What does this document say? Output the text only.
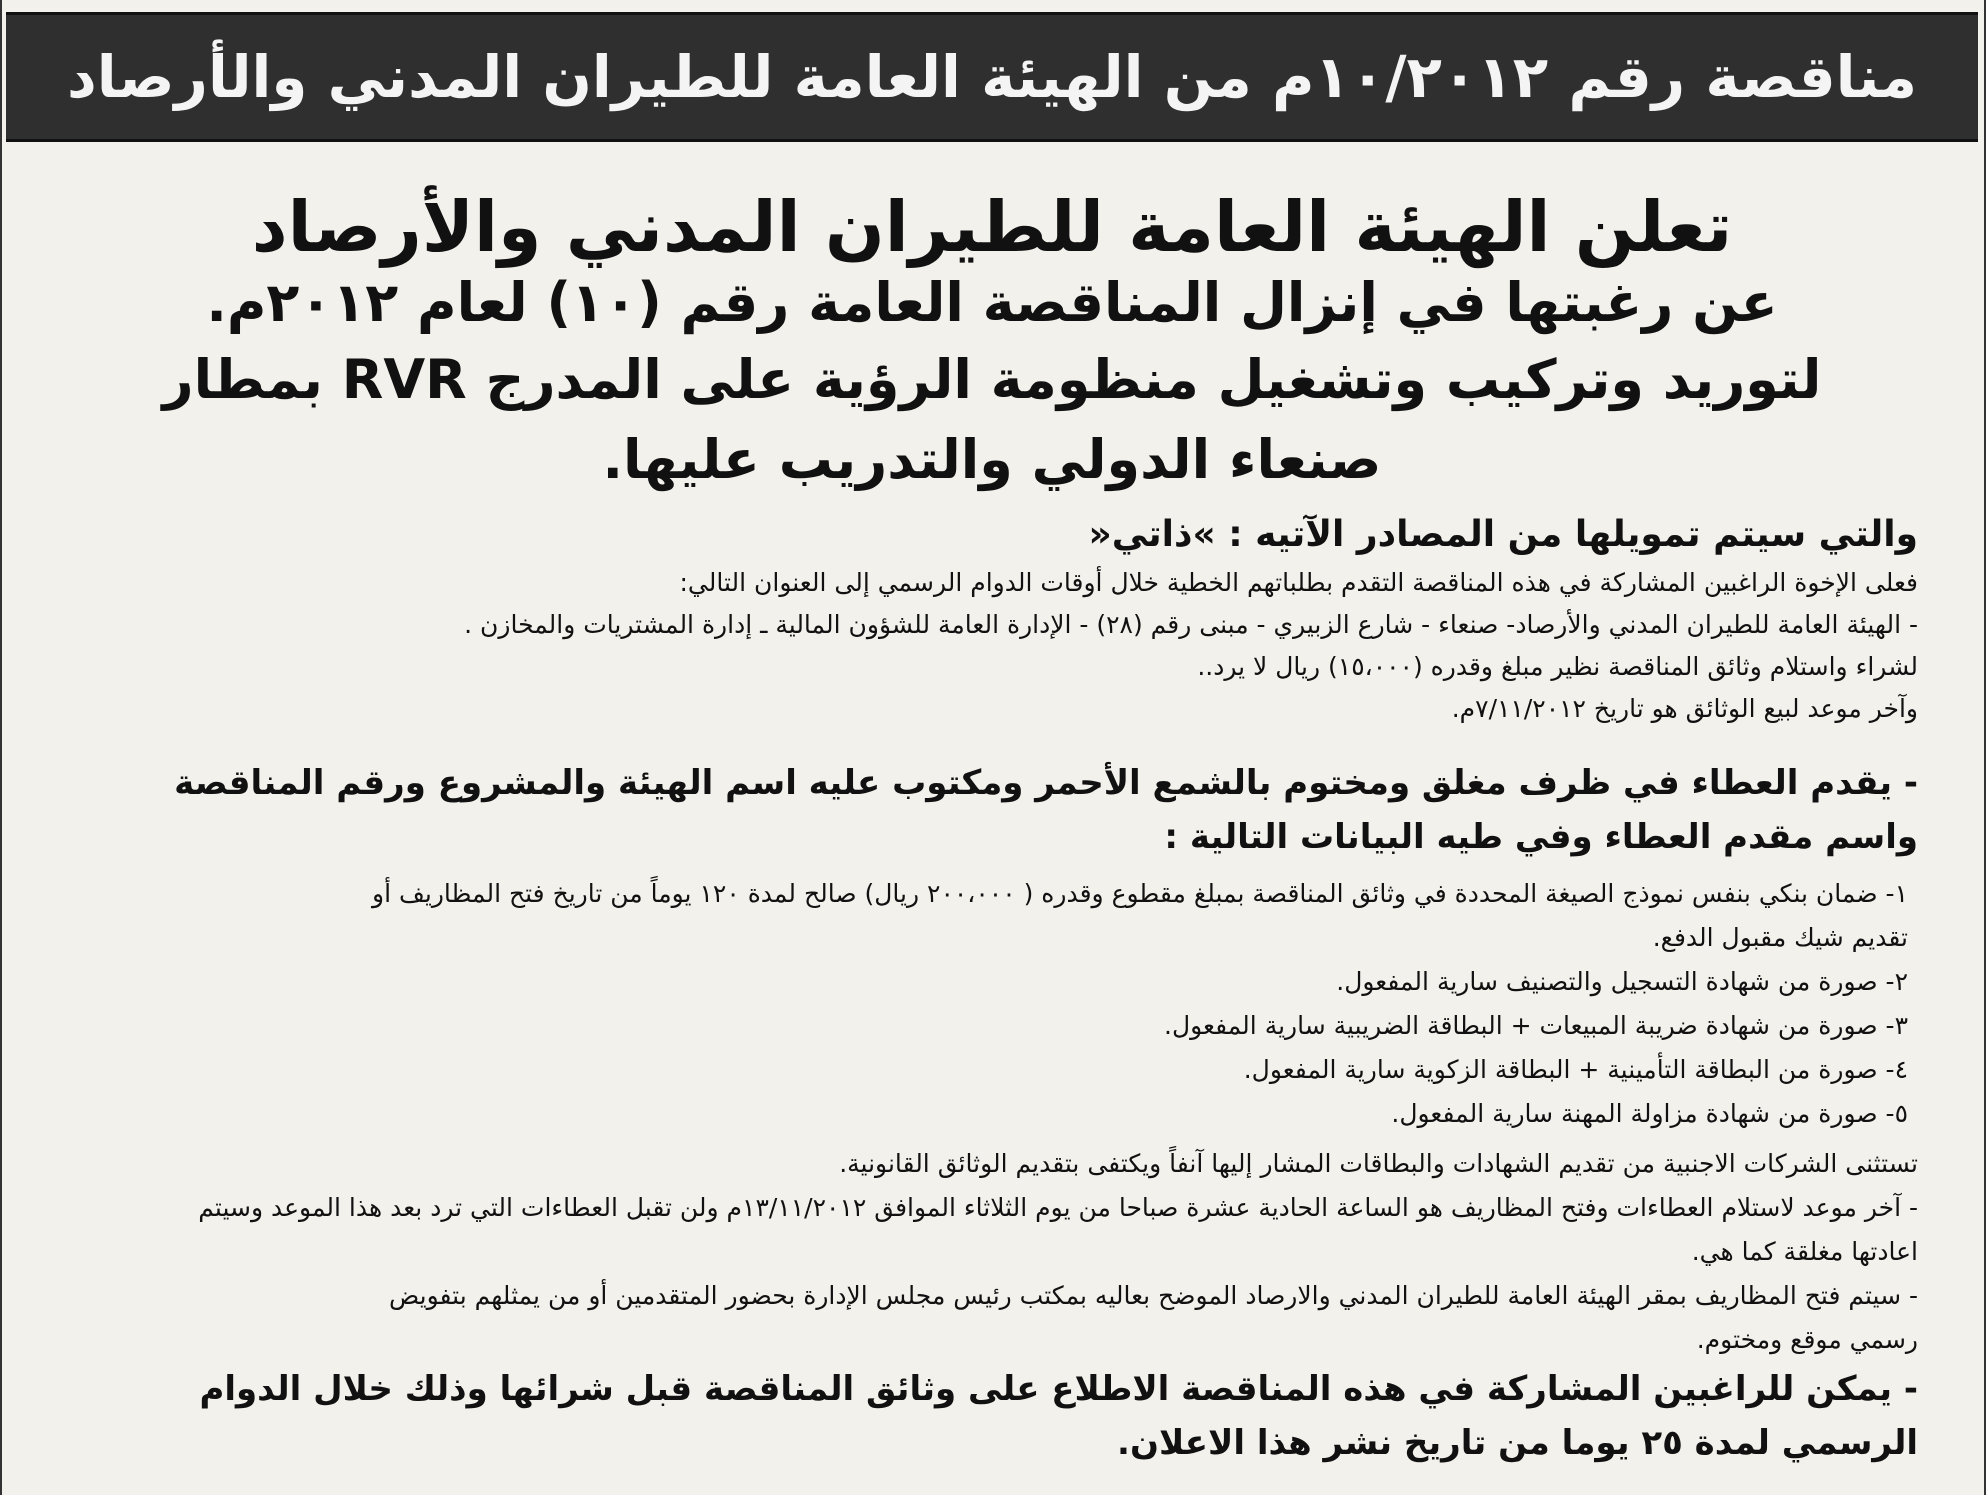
مناقصة رقم ١٠/٢٠١٢م من الهيئة العامة للطيران المدني والأرصاد
تعلن الهيئة العامة للطيران المدني والأرصاد
عن رغبتها في إنزال المناقصة العامة رقم (١٠) لعام ٢٠١٢م.
لتوريد وتركيب وتشغيل منظومة الرؤية على المدرج RVR بمطار صنعاء الدولي والتدريب عليها.
والتي سيتم تمويلها من المصادر الآتيه : »ذاتي«

فعلى الإخوة الراغبين المشاركة في هذه المناقصة التقدم بطلباتهم الخطية خلال أوقات الدوام الرسمي إلى العنوان التالي:

- الهيئة العامة للطيران المدني والأرصاد- صنعاء - شارع الزبيري - مبنى رقم (٢٨) - الإدارة العامة للشؤون المالية ـ إدارة المشتريات والمخازن .

لشراء واستلام وثائق المناقصة نظير مبلغ وقدره (١٥،٠٠٠) ريال لا يرد..

وآخر موعد لبيع الوثائق هو تاريخ ٧/١١/٢٠١٢م.

- يقدم العطاء في ظرف مغلق ومختوم بالشمع الأحمر ومكتوب عليه اسم الهيئة والمشروع ورقم المناقصة

واسم مقدم العطاء وفي طيه البيانات التالية :

١- ضمان بنكي بنفس نموذج الصيغة المحددة في وثائق المناقصة بمبلغ مقطوع وقدره ( ٢٠٠،٠٠٠ ريال) صالح لمدة ١٢٠ يوماً من تاريخ فتح المظاريف أو

تقديم شيك مقبول الدفع.

٢- صورة من شهادة التسجيل والتصنيف سارية المفعول.

٣- صورة من شهادة ضريبة المبيعات + البطاقة الضريبية سارية المفعول.

٤- صورة من البطاقة التأمينية + البطاقة الزكوية سارية المفعول.

٥- صورة من شهادة مزاولة المهنة سارية المفعول.

تستثنى الشركات الاجنبية من تقديم الشهادات والبطاقات المشار إليها آنفاً ويكتفى بتقديم الوثائق القانونية.

- آخر موعد لاستلام العطاءات وفتح المظاريف هو الساعة الحادية عشرة صباحا من يوم الثلاثاء الموافق ١٣/١١/٢٠١٢م ولن تقبل العطاءات التي ترد بعد هذا الموعد وسيتم

اعادتها مغلقة كما هي.

- سيتم فتح المظاريف بمقر الهيئة العامة للطيران المدني والارصاد الموضح بعاليه بمكتب رئيس مجلس الإدارة بحضور المتقدمين أو من يمثلهم بتفويض

رسمي موقع ومختوم.

- يمكن للراغبين المشاركة في هذه المناقصة الاطلاع على وثائق المناقصة قبل شرائها وذلك خلال الدوام

الرسمي لمدة ٢٥ يوما من تاريخ نشر هذا الاعلان.
